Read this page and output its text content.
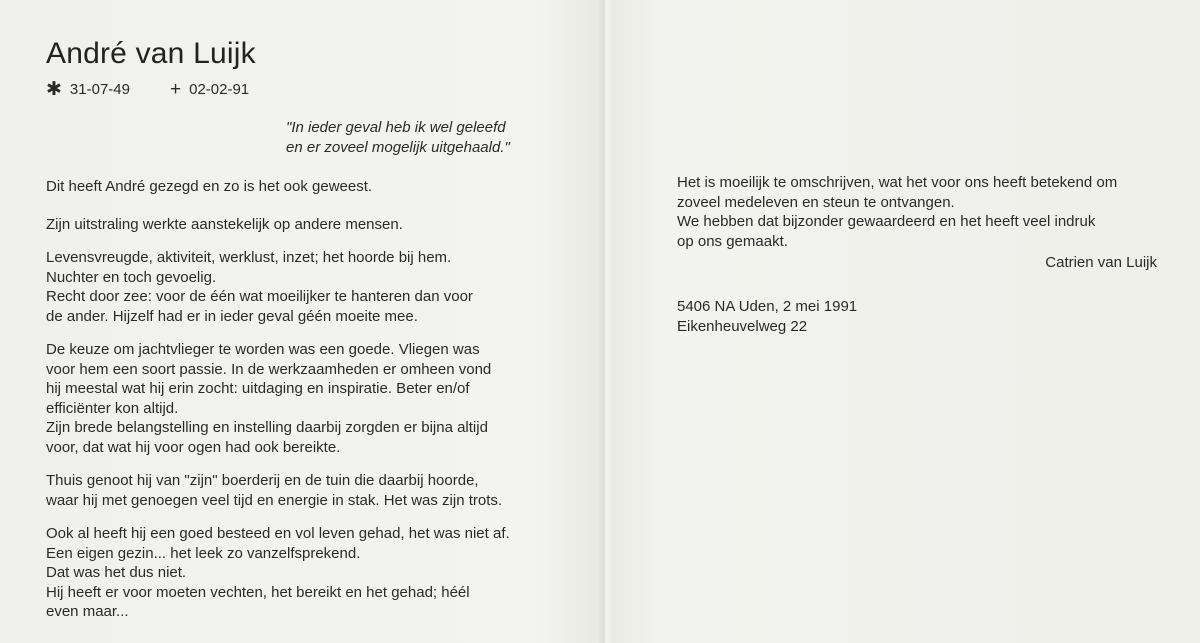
André van Luijk
✱ 31-07-49 + 02-02-91
"In ieder geval heb ik wel geleefd
en er zoveel mogelijk uitgehaald."
Dit heeft André gezegd en zo is het ook geweest.
Zijn uitstraling werkte aanstekelijk op andere mensen.
Levensvreugde, aktiviteit, werklust, inzet; het hoorde bij hem.
Nuchter en toch gevoelig.
Recht door zee: voor de één wat moeilijker te hanteren dan voor
de ander. Hijzelf had er in ieder geval géén moeite mee.
De keuze om jachtvlieger te worden was een goede. Vliegen was
voor hem een soort passie. In de werkzaamheden er omheen vond
hij meestal wat hij erin zocht: uitdaging en inspiratie. Beter en/of
efficiënter kon altijd.
Zijn brede belangstelling en instelling daarbij zorgden er bijna altijd
voor, dat wat hij voor ogen had ook bereikte.
Thuis genoot hij van "zijn" boerderij en de tuin die daarbij hoorde,
waar hij met genoegen veel tijd en energie in stak. Het was zijn trots.
Ook al heeft hij een goed besteed en vol leven gehad, het was niet af.
Een eigen gezin... het leek zo vanzelfsprekend.
Dat was het dus niet.
Hij heeft er voor moeten vechten, het bereikt en het gehad; héél
even maar...
Het is moeilijk te omschrijven, wat het voor ons heeft betekend om
zoveel medeleven en steun te ontvangen.
We hebben dat bijzonder gewaardeerd en het heeft veel indruk
op ons gemaakt.
Catrien van Luijk
5406 NA Uden, 2 mei 1991
Eikenheuvelweg 22
